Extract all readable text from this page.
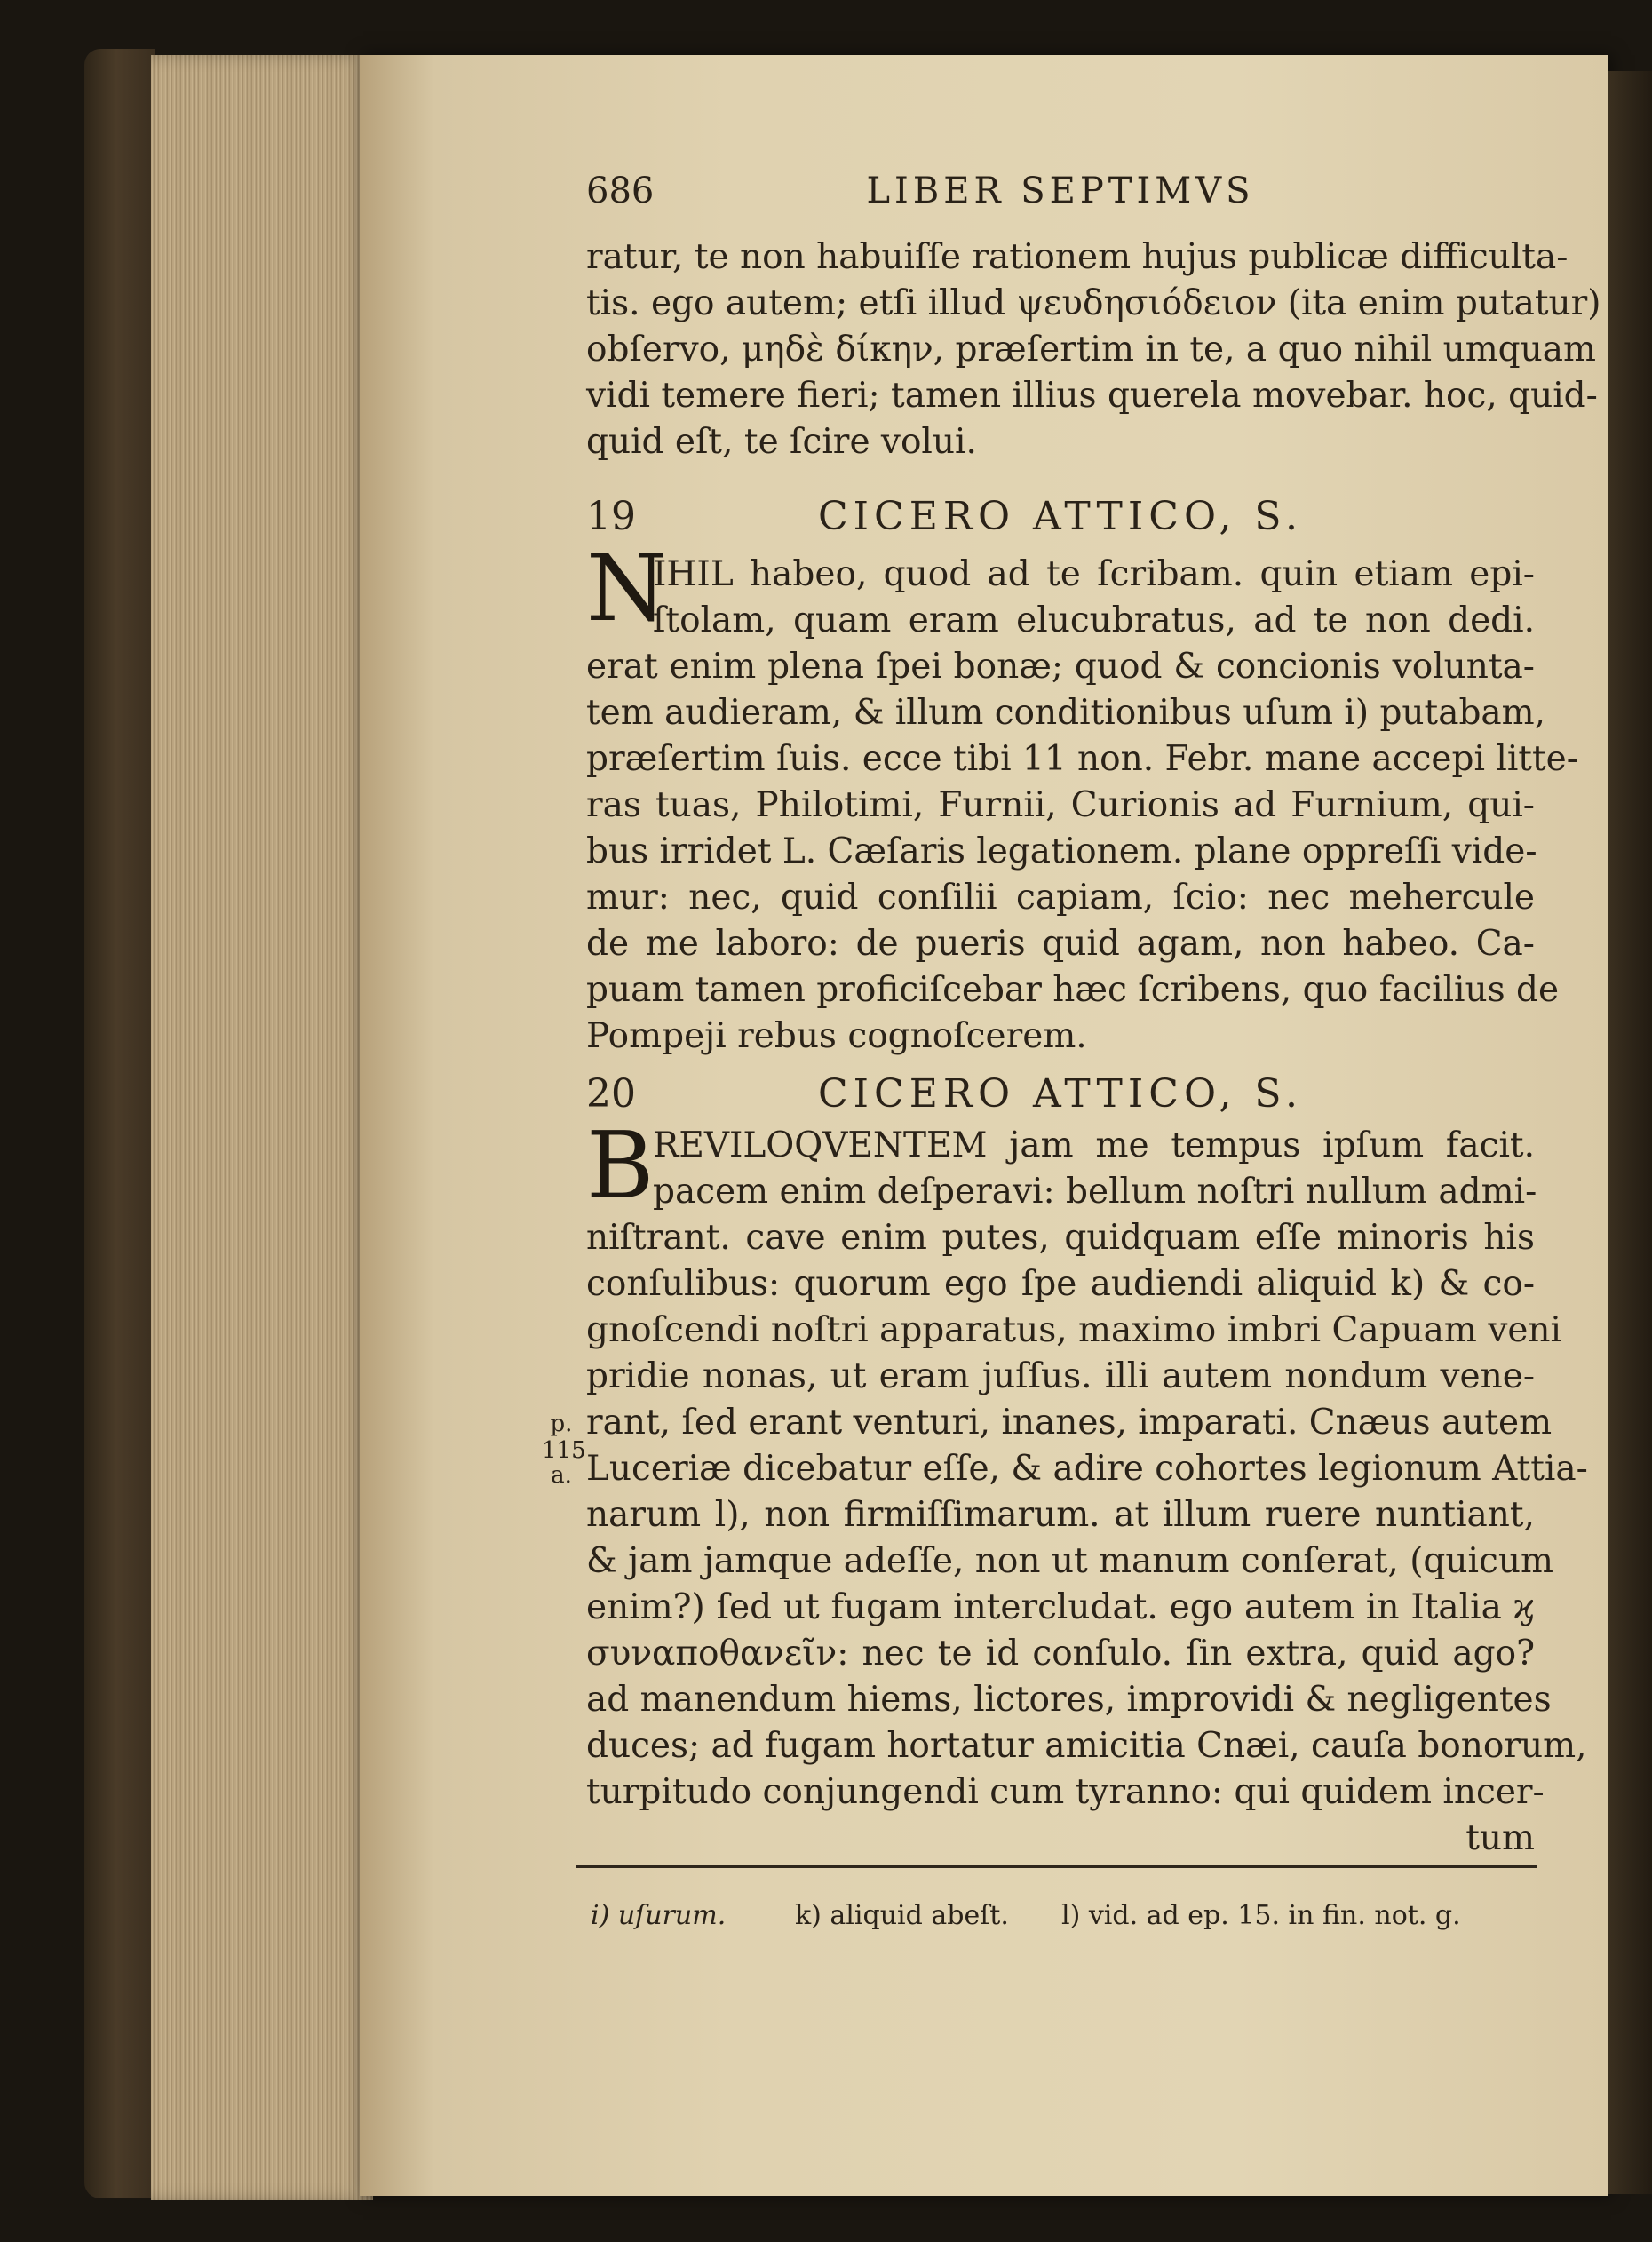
686	LIBER SEPTIMVS
ratur, te non habuiſſe rationem hujus publicæ difficulta-
tis. ego autem; etſi illud ψευδησιόδειον (ita enim putatur)
obſervo, μηδὲ δίκην, præſertim in te, a quo nihil umquam
vidi temere fieri; tamen illius querela movebar. hoc, quid-
quid eſt, te ſcire volui.
19	CICERO ATTICO, S.
N
IHIL habeo, quod ad te ſcribam. quin etiam epi-
ſtolam, quam eram elucubratus, ad te non dedi.
erat enim plena ſpei bonæ; quod & concionis volunta-
tem audieram, & illum conditionibus uſum i) putabam,
præſertim ſuis. ecce tibi 11 non. Febr. mane accepi litte-
ras tuas, Philotimi, Furnii, Curionis ad Furnium, qui-
bus irridet L. Cæſaris legationem. plane oppreſſi vide-
mur: nec, quid conſilii capiam, ſcio: nec mehercule
de me laboro: de pueris quid agam, non habeo. Ca-
puam tamen proficiſcebar hæc ſcribens, quo facilius de
Pompeji rebus cognoſcerem.
20	CICERO ATTICO, S.
B
REVILOQVENTEM jam me tempus ipſum facit.
pacem enim deſperavi: bellum noſtri nullum admi-
niſtrant. cave enim putes, quidquam eſſe minoris his
conſulibus: quorum ego ſpe audiendi aliquid k) & co-
gnoſcendi noſtri apparatus, maximo imbri Capuam veni
pridie nonas, ut eram juſſus. illi autem nondum vene-
rant, ſed erant venturi, inanes, imparati. Cnæus autem
Luceriæ dicebatur eſſe, & adire cohortes legionum Attia-
narum l), non firmiſſimarum. at illum ruere nuntiant,
& jam jamque adeſſe, non ut manum conſerat, (quicum
enim?) ſed ut fugam intercludat. ego autem in Italia ϗ
συναποθανεῖν: nec te id conſulo. ſin extra, quid ago?
ad manendum hiems, lictores, improvidi & negligentes
duces; ad fugam hortatur amicitia Cnæi, cauſa bonorum,
turpitudo conjungendi cum tyranno: qui quidem incer-
tum
p.
115
a.
i) uſurum.	k) aliquid abeſt. l) vid. ad ep. 15. in fin. not. g.
